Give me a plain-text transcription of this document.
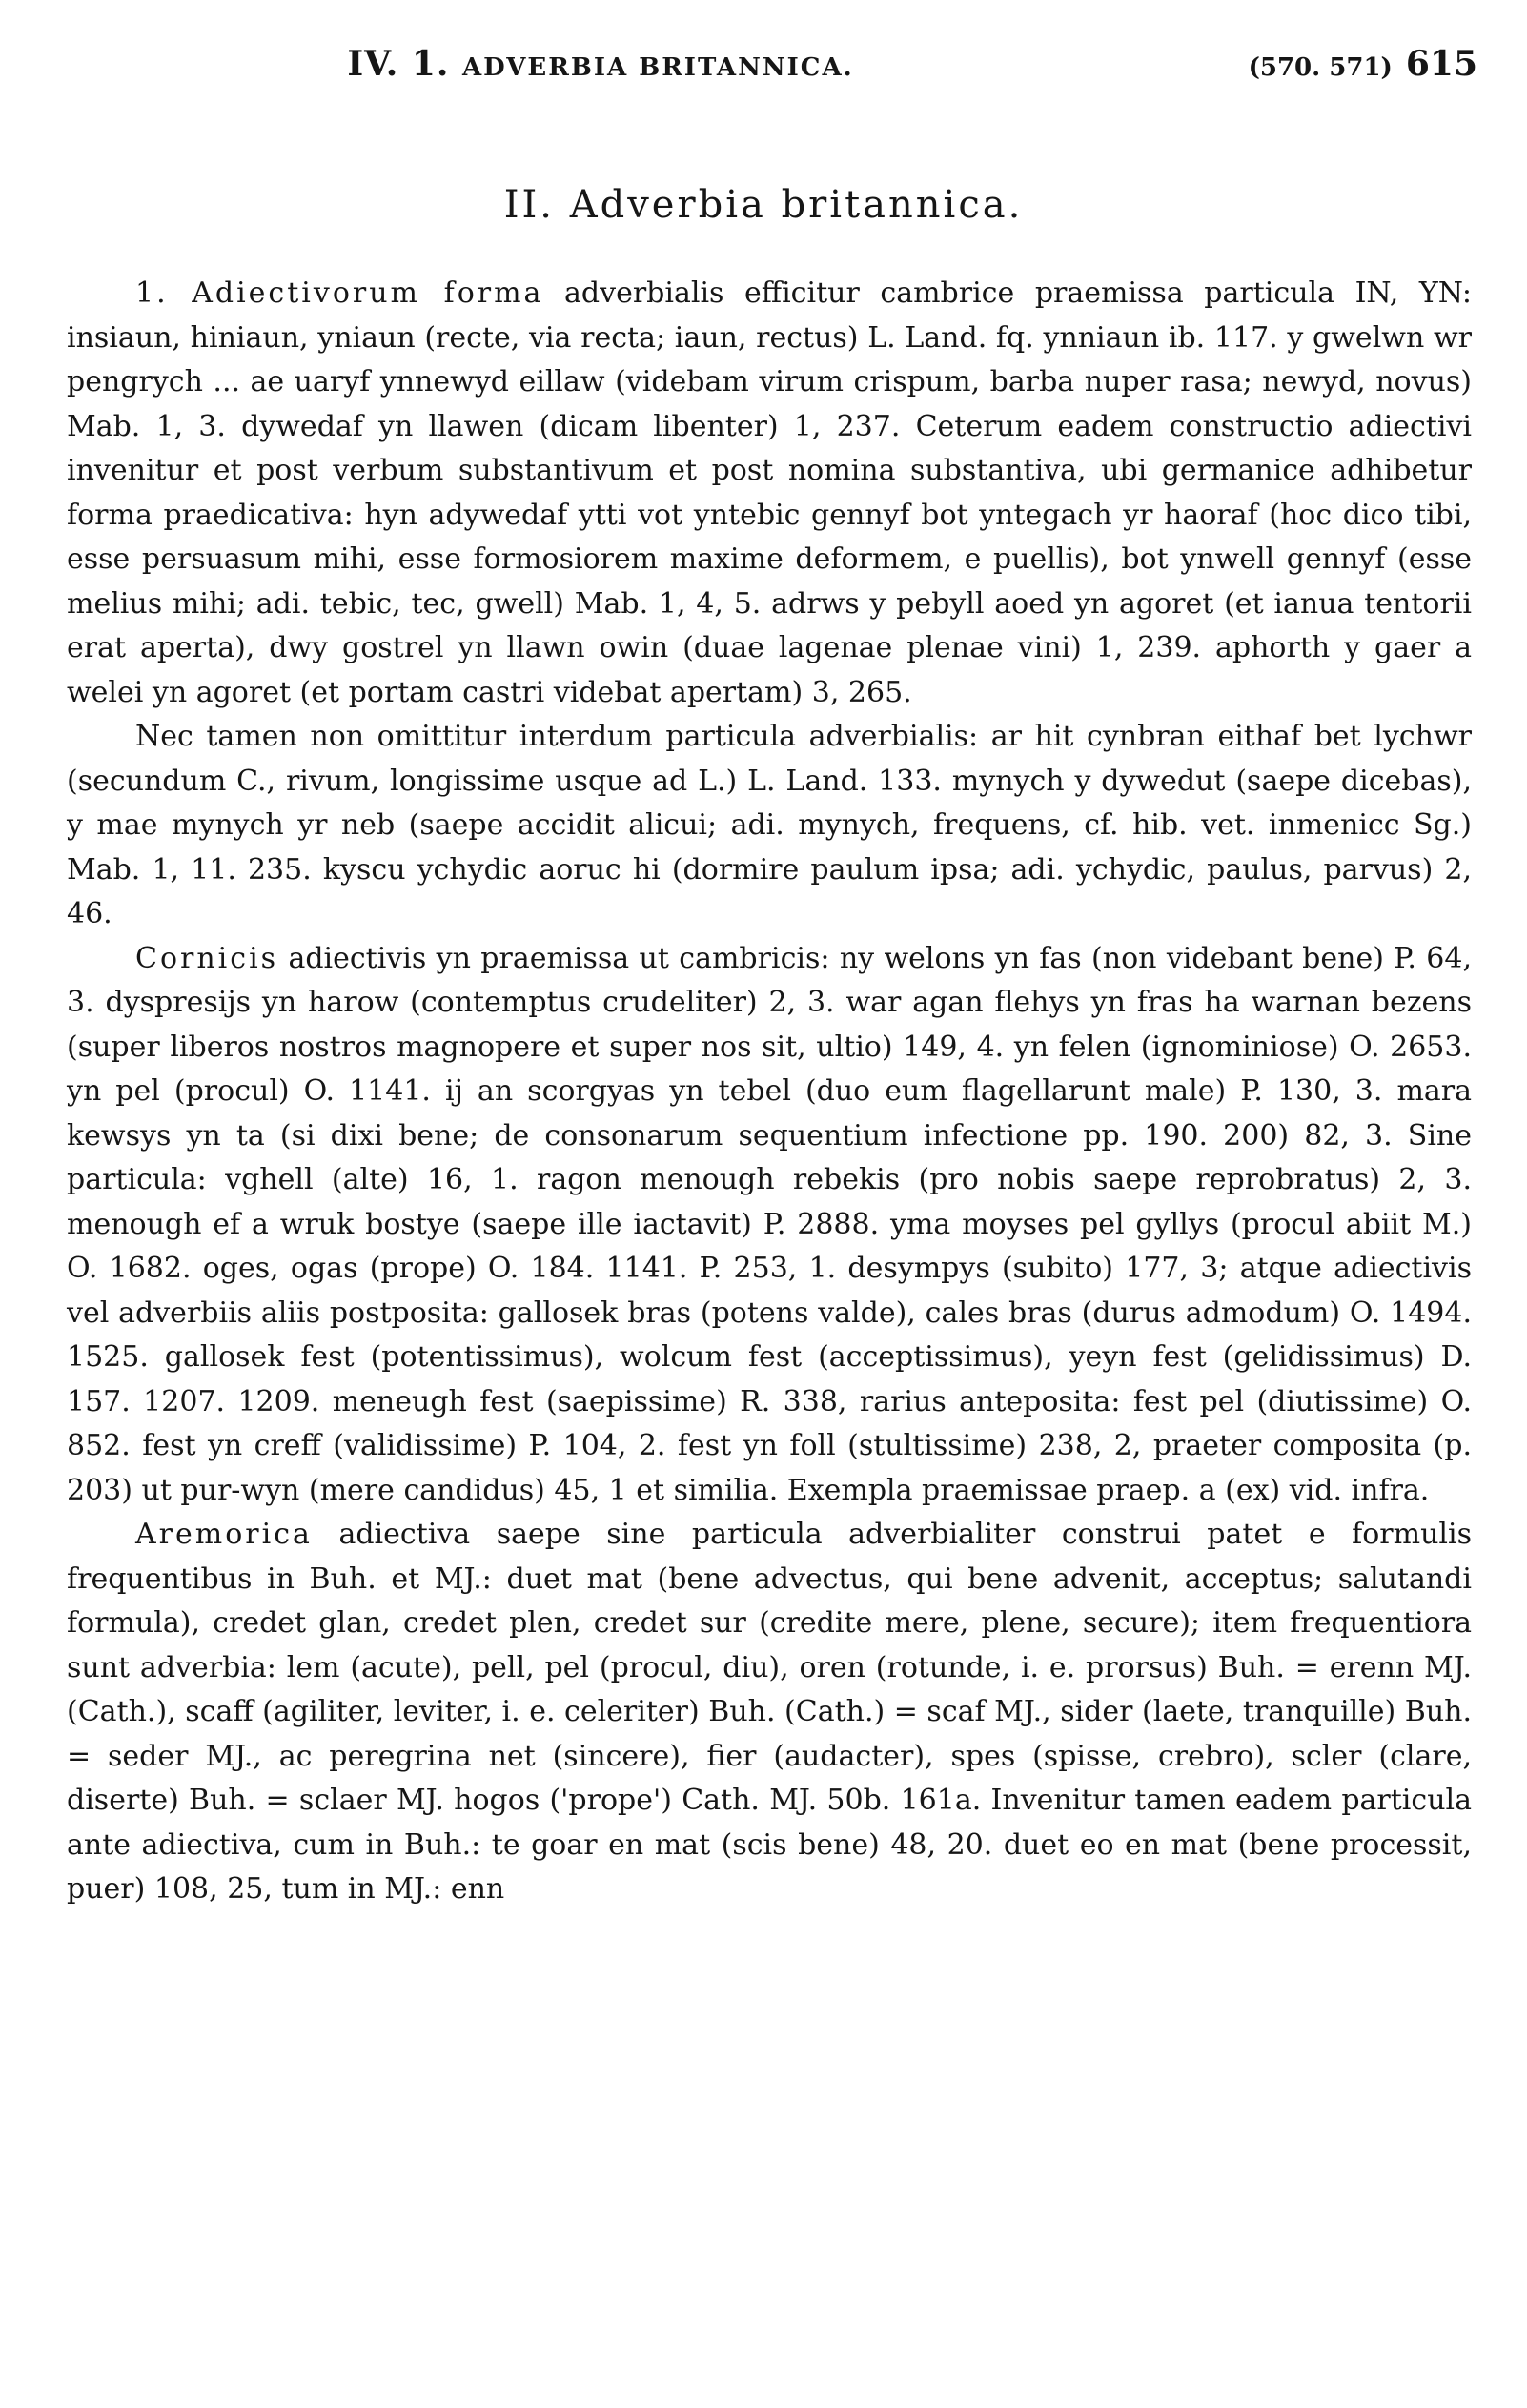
IV. 1. ADVERBIA BRITANNICA.	(570. 571) 615
II. Adverbia britannica.

1. Adiectivorum forma adverbialis efficitur cambrice praemissa particula IN, YN: insiaun, hiniaun, yniaun (recte, via recta; iaun, rectus) L. Land. fq. ynniaun ib. 117. y gwelwn wr pengrych ... ae uaryf ynnewyd eillaw (videbam virum crispum, barba nuper rasa; newyd, novus) Mab. 1, 3. dywedaf yn llawen (dicam libenter) 1, 237. Ceterum eadem constructio adiectivi invenitur et post verbum substantivum et post nomina substantiva, ubi germanice adhibetur forma praedicativa: hyn adywedaf ytti vot yntebic gennyf bot yntegach yr haoraf (hoc dico tibi, esse persuasum mihi, esse formosiorem maxime deformem, e puellis), bot ynwell gennyf (esse melius mihi; adi. tebic, tec, gwell) Mab. 1, 4, 5. adrws y pebyll aoed yn agoret (et ianua tentorii erat aperta), dwy gostrel yn llawn owin (duae lagenae plenae vini) 1, 239. aphorth y gaer a welei yn agoret (et portam castri videbat apertam) 3, 265.

Nec tamen non omittitur interdum particula adverbialis: ar hit cynbran eithaf bet lychwr (secundum C., rivum, longissime usque ad L.) L. Land. 133. mynych y dywedut (saepe dicebas), y mae mynych yr neb (saepe accidit alicui; adi. mynych, frequens, cf. hib. vet. inmenicc Sg.) Mab. 1, 11. 235. kyscu ychydic aoruc hi (dormire paulum ipsa; adi. ychydic, paulus, parvus) 2, 46.

Cornicis adiectivis yn praemissa ut cambricis: ny welons yn fas (non videbant bene) P. 64, 3. dyspresijs yn harow (contemptus crudeliter) 2, 3. war agan flehys yn fras ha warnan bezens (super liberos nostros magnopere et super nos sit, ultio) 149, 4. yn felen (ignominiose) O. 2653. yn pel (procul) O. 1141. ij an scorgyas yn tebel (duo eum flagellarunt male) P. 130, 3. mara kewsys yn ta (si dixi bene; de consonarum sequentium infectione pp. 190. 200) 82, 3. Sine particula: vghell (alte) 16, 1. ragon menough rebekis (pro nobis saepe reprobratus) 2, 3. menough ef a wruk bostye (saepe ille iactavit) P. 2888. yma moyses pel gyllys (procul abiit M.) O. 1682. oges, ogas (prope) O. 184. 1141. P. 253, 1. desympys (subito) 177, 3; atque adiectivis vel adverbiis aliis postposita: gallosek bras (potens valde), cales bras (durus admodum) O. 1494. 1525. gallosek fest (potentissimus), wolcum fest (acceptissimus), yeyn fest (gelidissimus) D. 157. 1207. 1209. meneugh fest (saepissime) R. 338, rarius anteposita: fest pel (diutissime) O. 852. fest yn creff (validissime) P. 104, 2. fest yn foll (stultissime) 238, 2, praeter composita (p. 203) ut pur-wyn (mere candidus) 45, 1 et similia. Exempla praemissae praep. a (ex) vid. infra.

Aremorica adiectiva saepe sine particula adverbialiter construi patet e formulis frequentibus in Buh. et MJ.: duet mat (bene advectus, qui bene advenit, acceptus; salutandi formula), credet glan, credet plen, credet sur (credite mere, plene, secure); item frequentiora sunt adverbia: lem (acute), pell, pel (procul, diu), oren (rotunde, i. e. prorsus) Buh. = erenn MJ. (Cath.), scaff (agiliter, leviter, i. e. celeriter) Buh. (Cath.) = scaf MJ., sider (laete, tranquille) Buh. = seder MJ., ac peregrina net (sincere), fier (audacter), spes (spisse, crebro), scler (clare, diserte) Buh. = sclaer MJ. hogos ('prope') Cath. MJ. 50b. 161a. Invenitur tamen eadem particula ante adiectiva, cum in Buh.: te goar en mat (scis bene) 48, 20. duet eo en mat (bene processit, puer) 108, 25, tum in MJ.: enn
